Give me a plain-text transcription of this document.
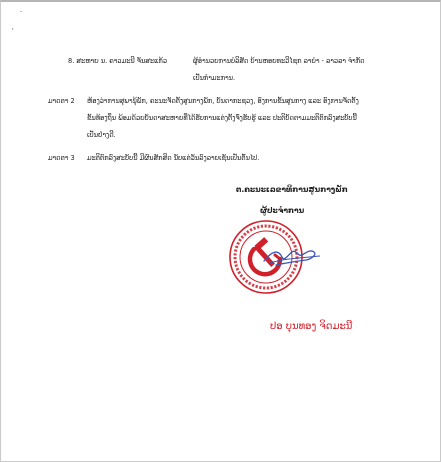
·
˛
8. ສະຫາຍ ນ. ຄາວມະນີ ຈັນສະແກ້ວ	ຜູ້ອຳນວຍການບໍລິສັດ ບ້ານຫອຍທະວີໄຊກ ລາຍຳ - ລາວລາ ຈຳກັດ
ເປັນກຳມະການ.
ມາດຕາ 2 ຫ້ອງວ່າການສຸພານຸ້ພັກ, ຄະນະຈັດຕັ້ງສູນກາງພັກ, ບັນດາກະຊວງ, ອົງການຂັ້ນສູນກາງ ແລະ ອົງການຈັດຕັ້ງ
ຂັ້ນທ້ອງຖິ່ນ ພ້ອມດ້ວຍບັນດາສະຫາຍທີ່ໄດ້ຮັບການແຕ່ງຕັ້ງຈົ່ງຮັບຮູ້ ແລະ ປະຕິບັດຕາມມະຕິຕົກລົງສະບັບນີ້
ເປັນຢ່າງດີ.
ມາດຕາ 3 ມະຕິຕົກລົງສະບັບນີ້ ມີຜົນສັກສິດ ນັບແຕ່ວັນລົງລາຍເຊັນເປັນຕົ້ນໄປ.
ຕ.ຄະນະເລຂາທິການສູນກາງພັກ
ຜູ້ປະຈຳການ
ປອ ບຸນທອງ ຈິດມະນີ
